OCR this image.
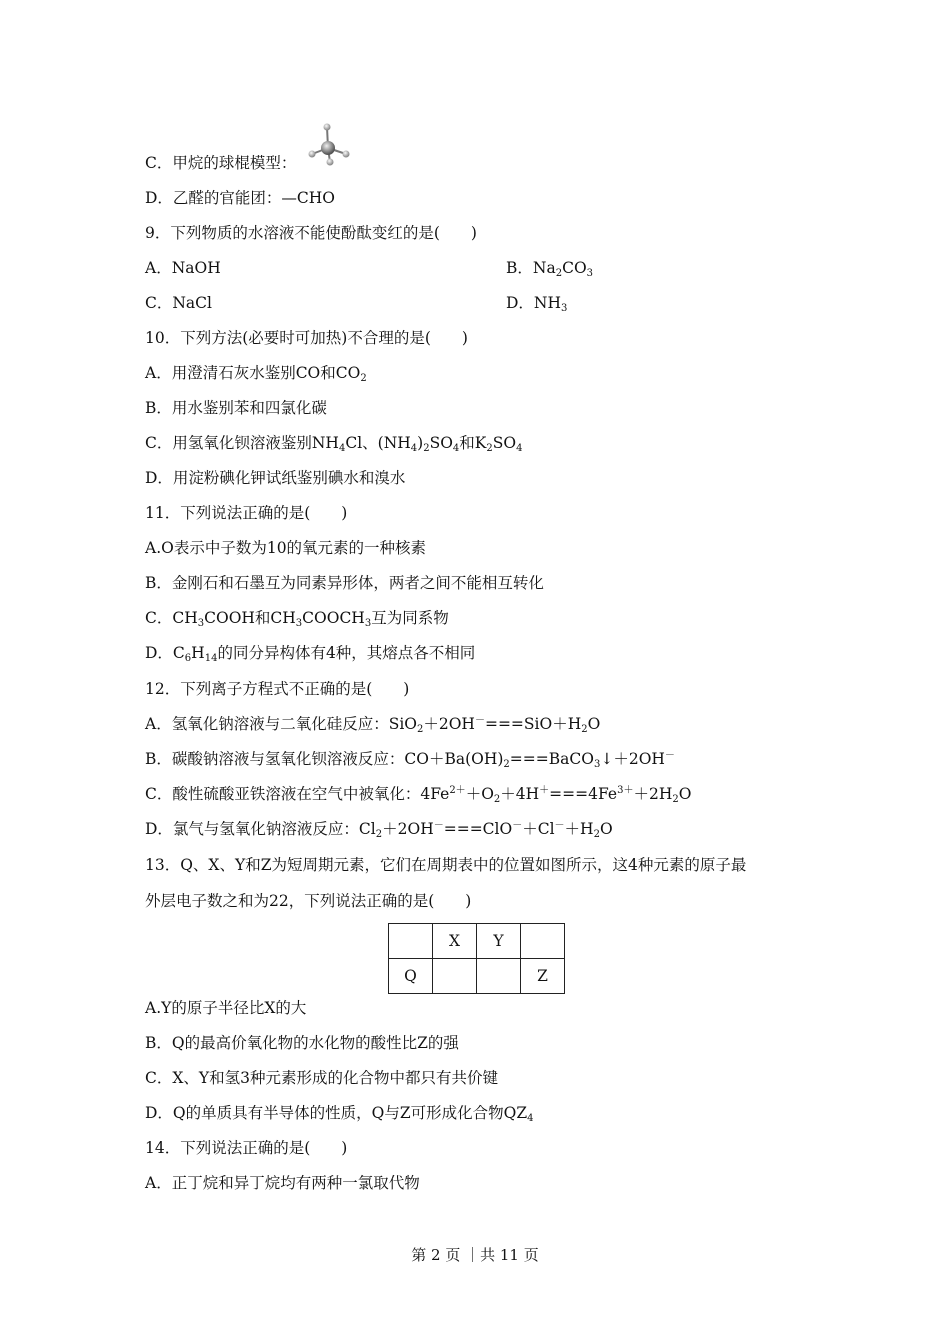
C．甲烷的球棍模型：
D．乙醛的官能团：—CHO
9．下列物质的水溶液不能使酚酞变红的是(　　)
A．NaOH	B．$Na_2CO_3$
C．NaCl	D．$NH_3$
10．下列方法(必要时可加热)不合理的是(　　)
A．用澄清石灰水鉴别CO和$CO_2$
B．用水鉴别苯和四氯化碳
C．用氢氧化钡溶液鉴别$NH_4Cl$、$(NH_4)_2SO_4$和$K_2SO_4$
D．用淀粉碘化钾试纸鉴别碘水和溴水
11．下列说法正确的是(　　)
A.O表示中子数为10的氧元素的一种核素
B．金刚石和石墨互为同素异形体，两者之间不能相互转化
C．$CH_3COOH$和$CH_3COOCH_3$互为同系物
D．$C_6H_{14}$的同分异构体有4种，其熔点各不相同
12．下列离子方程式不正确的是(　　)
A．氢氧化钠溶液与二氧化硅反应：$SiO_2+2OH^-===SiO+H_2O$
B．碳酸钠溶液与氢氧化钡溶液反应：$CO+Ba(OH)_2===BaCO_3↓+2OH^-$
C．酸性硫酸亚铁溶液在空气中被氧化：$4Fe^{2+}+O_2+4H^+===4Fe^{3+}+2H_2O$
D．氯气与氢氧化钠溶液反应：$Cl_2+2OH^-===ClO^-+Cl^-+H_2O$
13．Q、X、Y和Z为短周期元素，它们在周期表中的位置如图所示，这4种元素的原子最
外层电子数之和为22，下列说法正确的是(　　)
	X	Y	
Q			Z
A.Y的原子半径比X的大
B．Q的最高价氧化物的水化物的酸性比Z的强
C．X、Y和氢3种元素形成的化合物中都只有共价键
D．Q的单质具有半导体的性质，Q与Z可形成化合物$QZ_4$
14．下列说法正确的是(　　)
A．正丁烷和异丁烷均有两种一氯取代物
第 2 页 ｜共 11 页
